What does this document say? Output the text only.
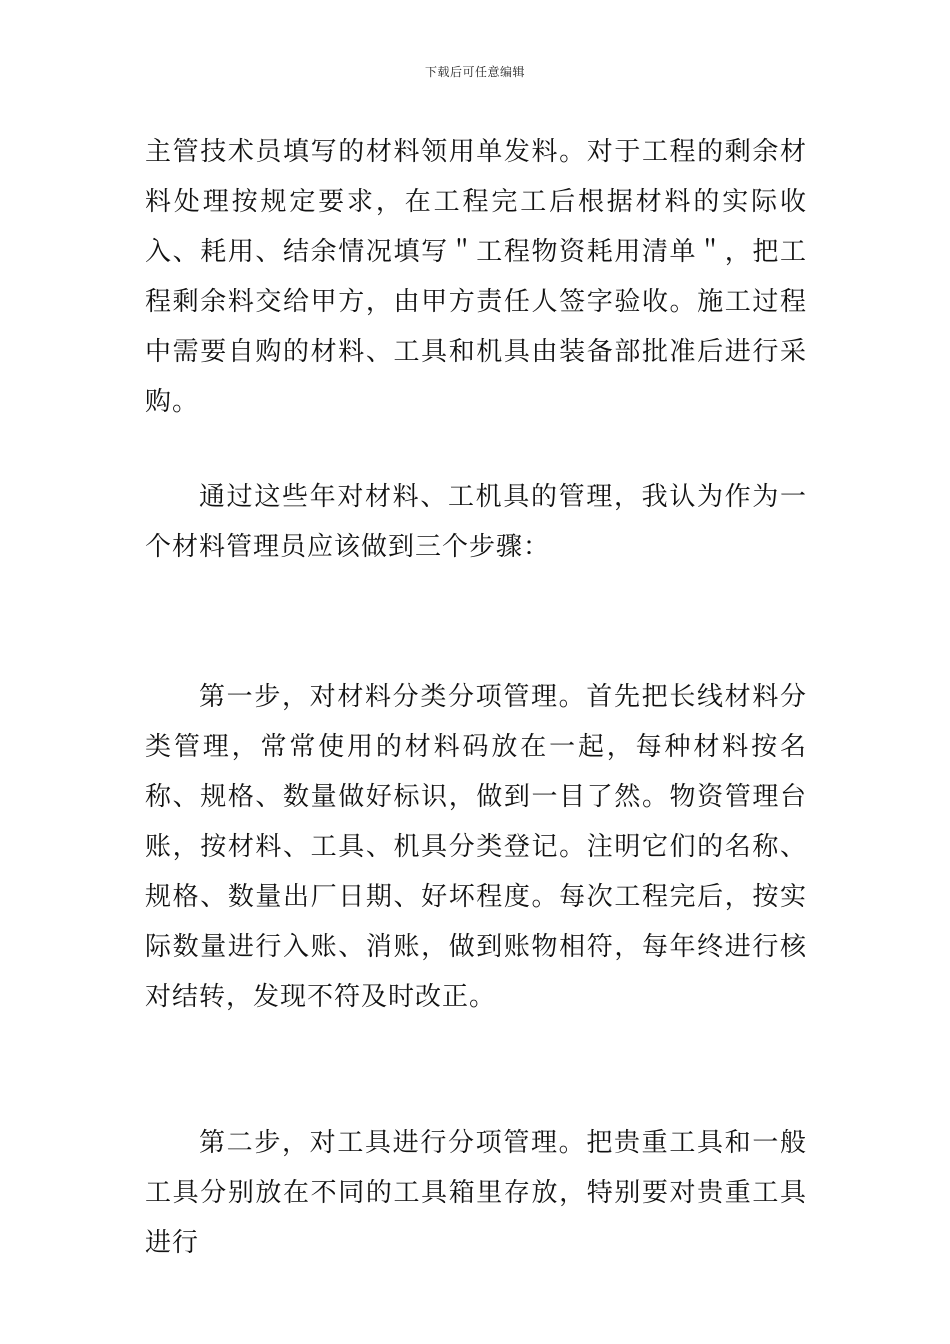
下载后可任意编辑

主管技术员填写的材料领用单发料。对于工程的剩余材料处理按规定要求，在工程完工后根据材料的实际收入、耗用、结余情况填写＂工程物资耗用清单＂，把工程剩余料交给甲方，由甲方责任人签字验收。施工过程中需要自购的材料、工具和机具由装备部批准后进行采购。

通过这些年对材料、工机具的管理，我认为作为一个材料管理员应该做到三个步骤：

第一步，对材料分类分项管理。首先把长线材料分类管理，常常使用的材料码放在一起，每种材料按名称、规格、数量做好标识，做到一目了然。物资管理台账，按材料、工具、机具分类登记。注明它们的名称、规格、数量出厂日期、好坏程度。每次工程完后，按实际数量进行入账、消账，做到账物相符，每年终进行核对结转，发现不符及时改正。

第二步，对工具进行分项管理。把贵重工具和一般工具分别放在不同的工具箱里存放，特别要对贵重工具进行
